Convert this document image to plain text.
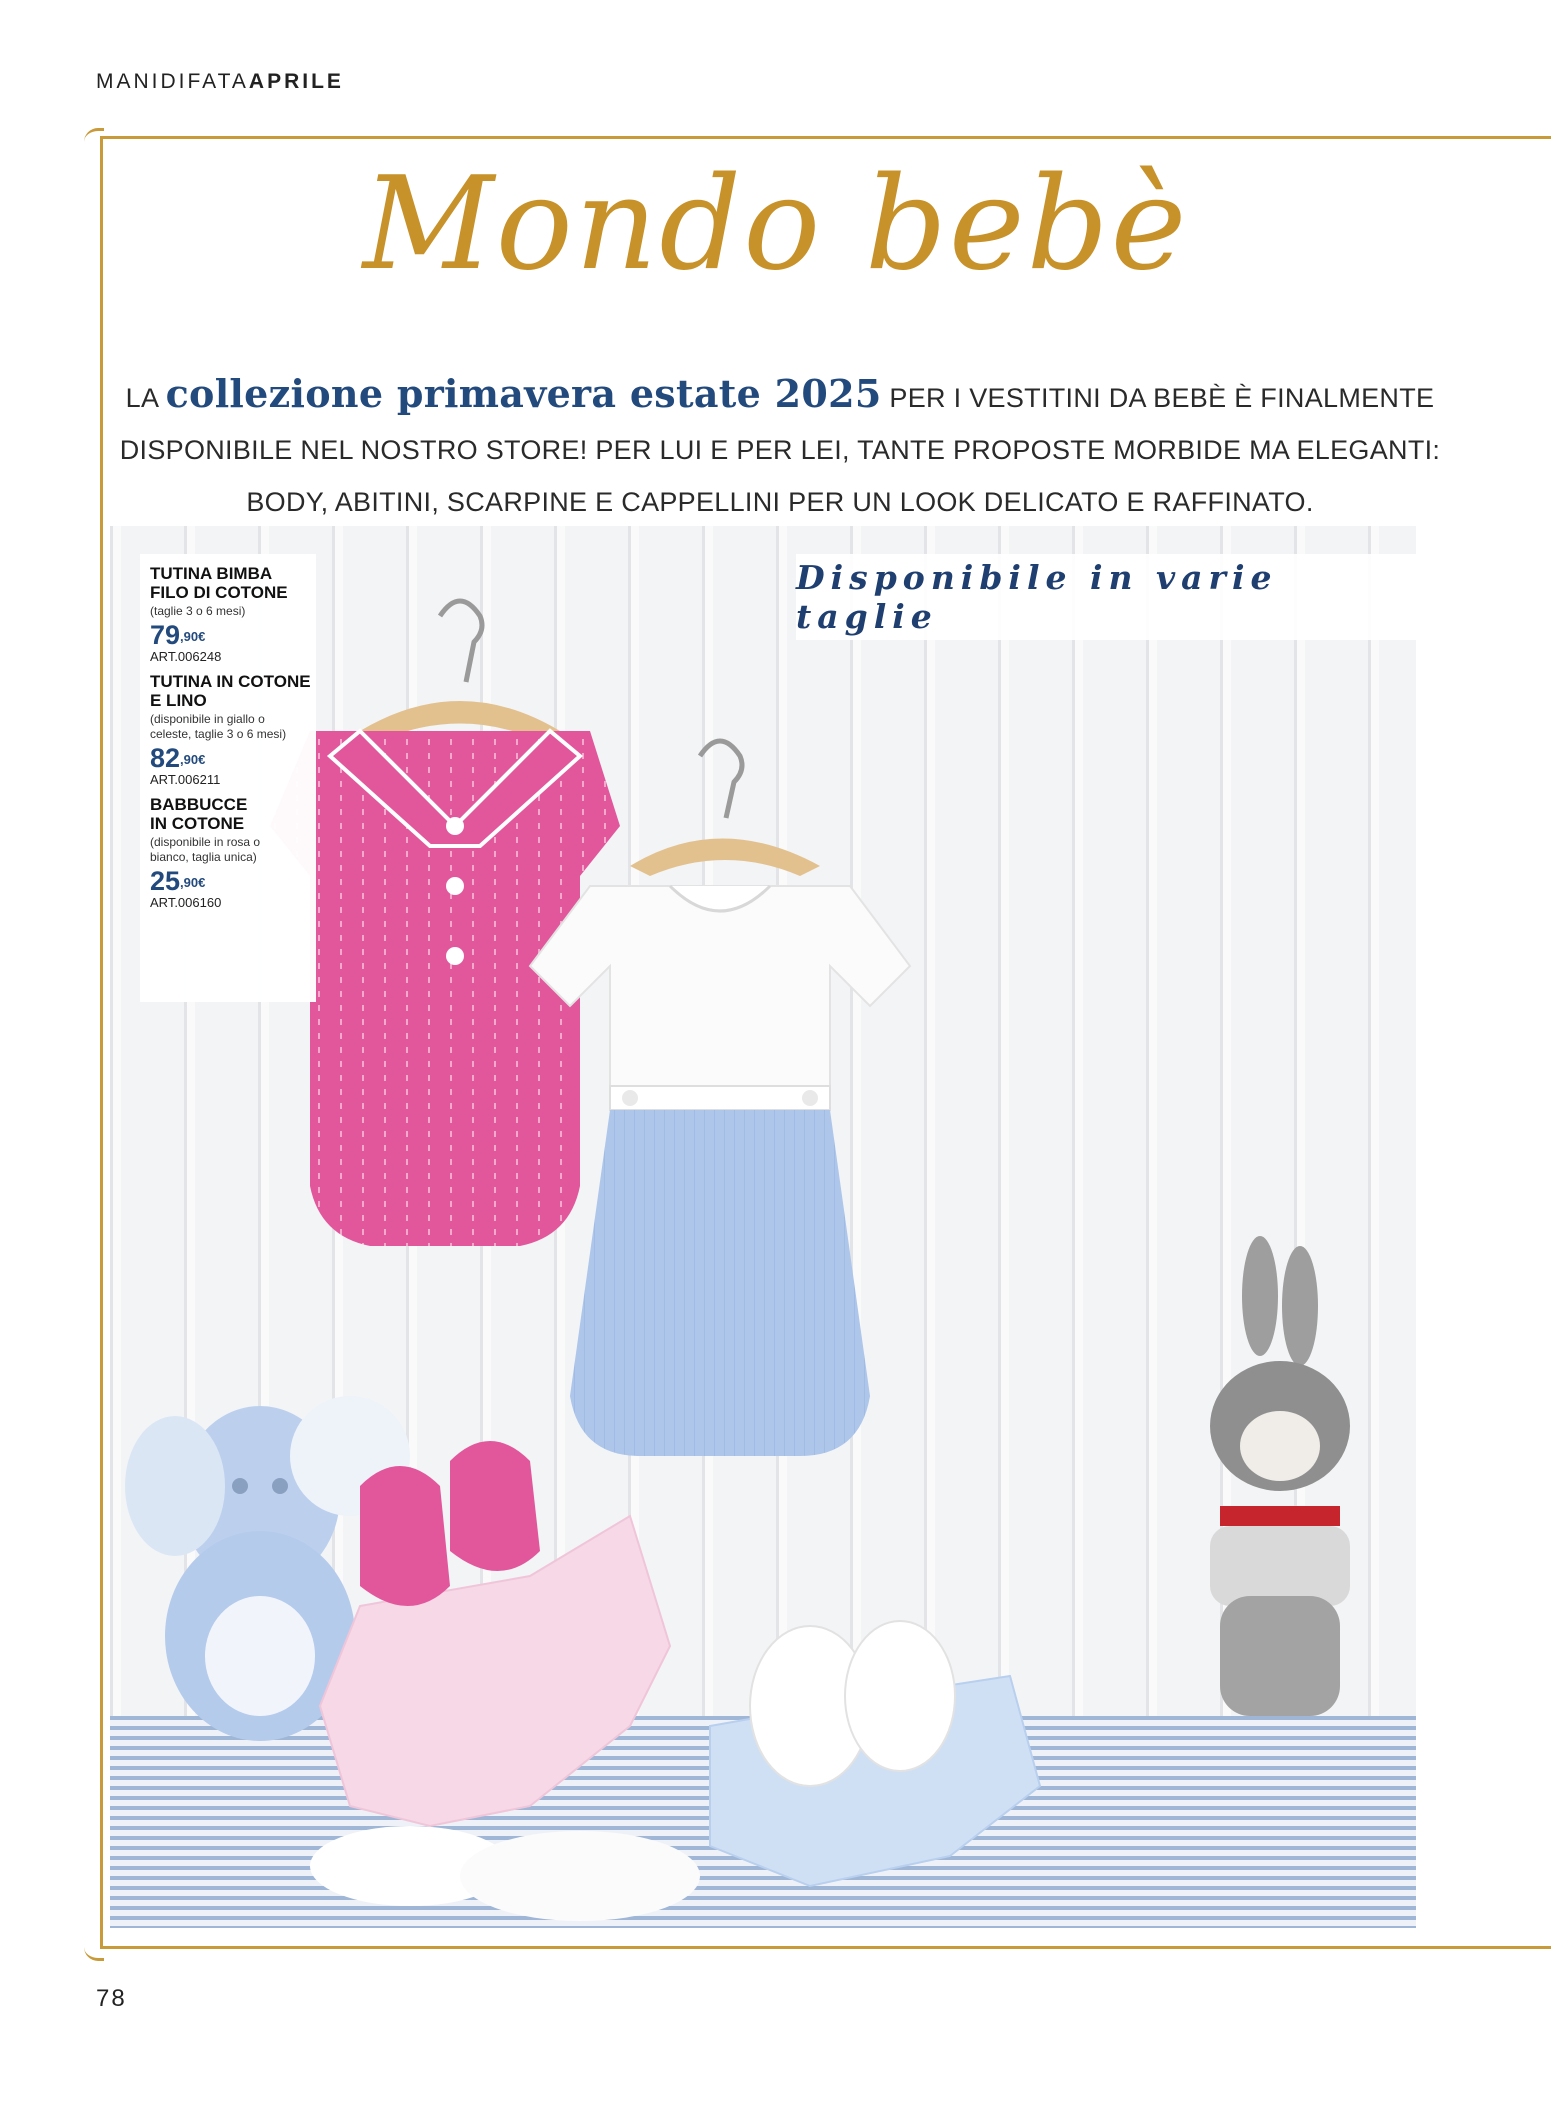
MANIDIFATAAPRILE
Mondo bebè
LA collezione primavera estate 2025 PER I VESTITINI DA BEBÈ È FINALMENTE
DISPONIBILE NEL NOSTRO STORE! PER LUI E PER LEI, TANTE PROPOSTE MORBIDE MA ELEGANTI:
BODY, ABITINI, SCARPINE E CAPPELLINI PER UN LOOK DELICATO E RAFFINATO.

TUTINA BIMBA
FILO DI COTONE

(taglie 3 o 6 mesi)

$79^{,90€}$
ART.006248

TUTINA IN COTONE
E LINO

(disponibile in giallo o
celeste, taglie 3 o 6 mesi)

$82^{,90€}$
ART.006211

BABBUCCE
IN COTONE

(disponibile in rosa o
bianco, taglia unica)

$25^{,90€}$
ART.006160
Disponibile in varie taglie
78
